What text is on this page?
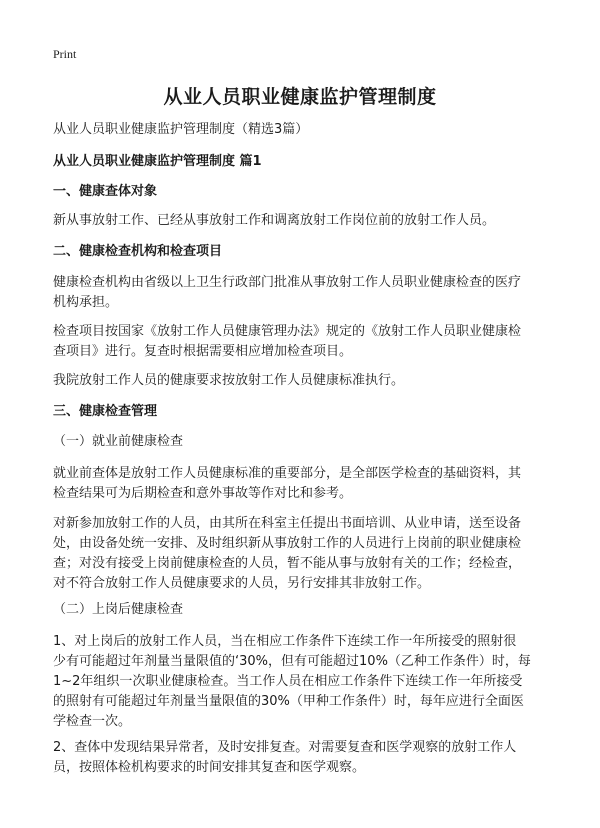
Print
从业人员职业健康监护管理制度
从业人员职业健康监护管理制度（精选3篇）
从业人员职业健康监护管理制度 篇1
一、健康查体对象
新从事放射工作、已经从事放射工作和调离放射工作岗位前的放射工作人员。
二、健康检查机构和检查项目
健康检查机构由省级以上卫生行政部门批准从事放射工作人员职业健康检查的医疗
机构承担。
检查项目按国家《放射工作人员健康管理办法》规定的《放射工作人员职业健康检
查项目》进行。复查时根据需要相应增加检查项目。
我院放射工作人员的健康要求按放射工作人员健康标准执行。
三、健康检查管理
（一）就业前健康检查
就业前查体是放射工作人员健康标准的重要部分，是全部医学检查的基础资料，其
检查结果可为后期检查和意外事故等作对比和参考。
对新参加放射工作的人员，由其所在科室主任提出书面培训、从业申请，送至设备
处，由设备处统一安排、及时组织新从事放射工作的人员进行上岗前的职业健康检
查；对没有接受上岗前健康检查的人员，暂不能从事与放射有关的工作；经检查，
对不符合放射工作人员健康要求的人员，另行安排其非放射工作。
（二）上岗后健康检查
1、对上岗后的放射工作人员，当在相应工作条件下连续工作一年所接受的照射很
少有可能超过年剂量当量限值的‘30%，但有可能超过10%（乙种工作条件）时，每
1~2年组织一次职业健康检查。当工作人员在相应工作条件下连续工作一年所接受
的照射有可能超过年剂量当量限值的30%（甲种工作条件）时，每年应进行全面医
学检查一次。
2、查体中发现结果异常者，及时安排复查。对需要复查和医学观察的放射工作人
员，按照体检机构要求的时间安排其复查和医学观察。
